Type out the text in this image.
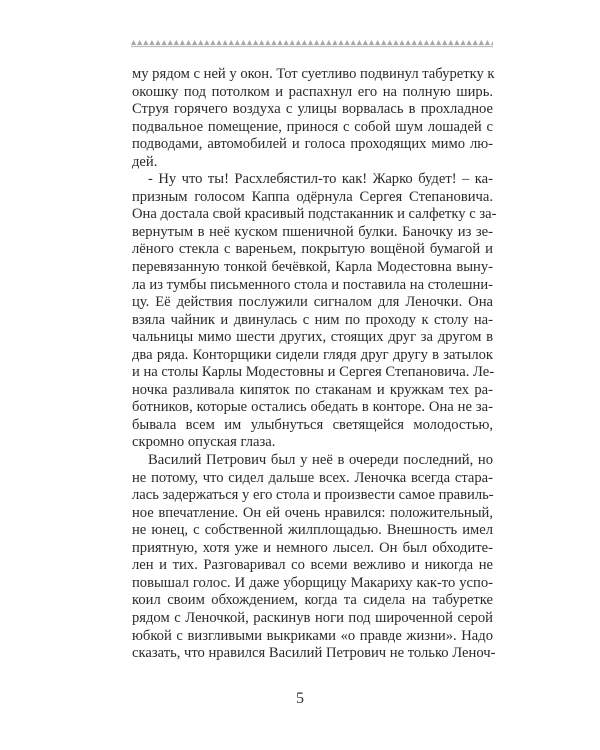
му рядом с ней у окон. Тот суетливо подвинул табуретку к
окошку под потолком и распахнул его на полную ширь.
Струя горячего воздуха с улицы ворвалась в прохладное
подвальное помещение, принося с собой шум лошадей с
подводами, автомобилей и голоса проходящих мимо лю-
дей.
- Ну что ты! Расхлебястил-то как! Жарко будет! – ка-
призным голосом Каппа одёрнула Сергея Степановича.
Она достала свой красивый подстаканник и салфетку с за-
вернутым в неё куском пшеничной булки. Баночку из зе-
лёного стекла с вареньем, покрытую вощёной бумагой и
перевязанную тонкой бечёвкой, Карла Модестовна выну-
ла из тумбы письменного стола и поставила на столешни-
цу. Её действия послужили сигналом для Леночки. Она
взяла чайник и двинулась с ним по проходу к столу на-
чальницы мимо шести других, стоящих друг за другом в
два ряда. Конторщики сидели глядя друг другу в затылок
и на столы Карлы Модестовны и Сергея Степановича. Ле-
ночка разливала кипяток по стаканам и кружкам тех ра-
ботников, которые остались обедать в конторе. Она не за-
бывала всем им улыбнуться светящейся молодостью,
скромно опуская глаза.
Василий Петрович был у неё в очереди последний, но
не потому, что сидел дальше всех. Леночка всегда стара-
лась задержаться у его стола и произвести самое правиль-
ное впечатление. Он ей очень нравился: положительный,
не юнец, с собственной жилплощадью. Внешность имел
приятную, хотя уже и немного лысел. Он был обходите-
лен и тих. Разговаривал со всеми вежливо и никогда не
повышал голос. И даже уборщицу Макариху как-то успо-
коил своим обхождением, когда та сидела на табуретке
рядом с Леночкой, раскинув ноги под широченной серой
юбкой с визгливыми выкриками «о правде жизни». Надо
сказать, что нравился Василий Петрович не только Леноч-
5
